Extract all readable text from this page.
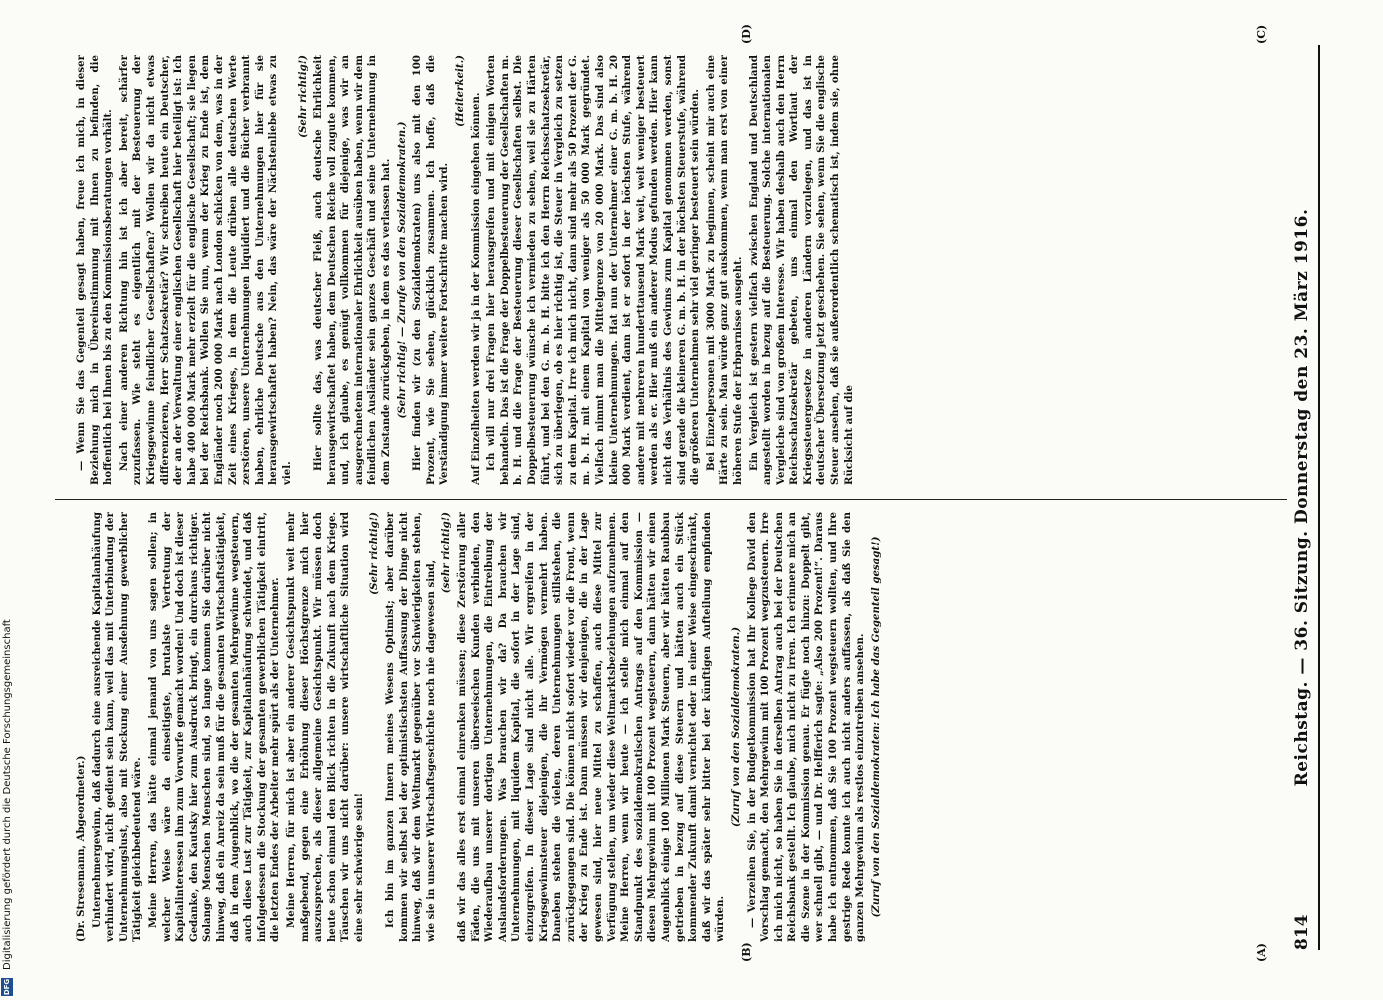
DFG
Digitalisierung gefördert durch die Deutsche Forschungsgemeinschaft	814
Reichstag. — 36. Sitzung. Donnerstag den 23. März 1916.
(A)
(B)
(C)
(D)

(Dr. Stresemann, Abgeordneter.) Unternehmergewinn, daß dadurch eine ausreichende Kapitalanhäufung verhindert wird, nicht gedient sein kann, weil das mit Unterbindung der Unternehmungslust, also mit Stockung einer Ausdehnung gewerblicher Tätigkeit gleichbedeutend wäre. Meine Herren, das hätte einmal jemand von uns sagen sollen; in welcher Weise wäre da einseitigste, brutalste Vertretung der Kapitalinteressen ihm zum Vorwurfe gemacht worden! Und doch ist dieser Gedanke, den Kautsky hier zum Ausdruck bringt, ein durchaus richtiger. Solange Menschen Menschen sind, so lange kommen Sie darüber nicht hinweg, daß ein Anreiz da sein muß für die gesamten Wirtschaftstätigkeit, daß in dem Augenblick, wo die der gesamten Mehrgewinne wegsteuern, auch diese Lust zur Tätigkeit, zur Kapitalanhäufung schwindet, und daß infolgedessen die Stockung der gesamten gewerblichen Tätigkeit eintritt, die letzten Endes der Arbeiter mehr spürt als der Unternehmer. Meine Herren, für mich ist aber ein anderer Gesichtspunkt weit mehr maßgebend, gegen eine Erhöhung dieser Höchstgrenze mich hier auszusprechen, als dieser allgemeine Gesichtspunkt. Wir müssen doch heute schon einmal den Blick richten in die Zukunft nach dem Kriege. Täuschen wir uns nicht darüber: unsere wirtschaftliche Situation wird eine sehr schwierige sein!

(Sehr richtig!) Ich bin im ganzen Innern meines Wesens Optimist; aber darüber kommen wir selbst bei der optimistischsten Auffassung der Dinge nicht hinweg, daß wir dem Weltmarkt gegenüber vor Schwierigkeiten stehen, wie sie in unserer Wirtschaftsgeschichte noch nie dagewesen sind,

(sehr richtig!) daß wir das alles erst einmal einrenken müssen; diese Zerstörung aller Fäden, die uns mit unseren überseeischen Kunden verbinden, den Wiederaufbau unserer dortigen Unternehmungen, die Eintreibung der Auslandsforderungen. Was brauchen wir da? Da brauchen wir Unternehmungen, mit liquidem Kapital, die sofort in der Lage sind, einzugreifen. In dieser Lage sind nicht alle. Wir ergreifen in der Kriegsgewinnsteuer diejenigen, die ihr Vermögen vermehrt haben. Daneben stehen die vielen, deren Unternehmungen stillstehen, die zurückgegangen sind. Die können nicht sofort wieder vor die Front, wenn der Krieg zu Ende ist. Dann müssen wir denjenigen, die in der Lage gewesen sind, hier neue Mittel zu schaffen, auch diese Mittel zur Verfügung stellen, um wieder diese Weltmarktsbeziehungen aufzunehmen. Meine Herren, wenn wir heute — ich stelle mich einmal auf den Standpunkt des sozialdemokratischen Antrags auf den Kommission — diesen Mehrgewinn mit 100 Prozent wegsteuern, dann hätten wir einen Augenblick einige 100 Millionen Mark Steuern, aber wir hätten Raubbau getrieben in bezug auf diese Steuern und hätten auch ein Stück kommender Zukunft damit vernichtet oder in einer Weise eingeschränkt, daß wir das später sehr bitter bei der künftigen Aufteilung empfinden würden.

(Zuruf von den Sozialdemokraten.) — Verzeihen Sie, in der Budgetkommission hat Ihr Kollege David den Vorschlag gemacht, den Mehrgewinn mit 100 Prozent wegzusteuern. Irre ich mich nicht, so haben Sie in derselben Antrag auch bei der Deutschen Reichsbank gestellt. Ich glaube, mich nicht zu irren. Ich erinnere mich an die Szene in der Kommission genau. Er fügte noch hinzu: Doppelt gibt, wer schnell gibt, — und Dr. Helfferich sagte: „Also 200 Prozent!“. Daraus habe ich entnommen, daß Sie 100 Prozent wegsteuern wollten, und Ihre gestrige Rede konnte ich auch nicht anders auffassen, als daß Sie den ganzen Mehrgewinn als restlos einzutreiben ansehen. (Zuruf von den Sozialdemokraten: Ich habe das Gegenteil gesagt!)

— Wenn Sie das Gegenteil gesagt haben, freue ich mich, in dieser Beziehung mich in Übereinstimmung mit Ihnen zu befinden, die hoffentlich bei Ihnen bis zu den Kommissionsberatungen vorhält. Nach einer anderen Richtung hin ist ich aber bereit, schärfer zuzufassen. Wie steht es eigentlich mit der Besteuerung der Kriegsgewinne feindlicher Gesellschaften? Wollen wir da nicht etwas differenzieren, Herr Schatzsekretär? Wir schreiben heute ein Deutscher, der an der Verwaltung einer englischen Gesellschaft hier beteiligt ist: Ich habe 400 000 Mark mehr erzielt für die englische Gesellschaft; sie liegen bei der Reichsbank. Wollen Sie nun, wenn der Krieg zu Ende ist, dem Engländer noch 200 000 Mark nach London schicken von dem, was in der Zeit eines Krieges, in dem die Leute drüben alle deutschen Werte zerstören, unsere Unternehmungen liquidiert und die Bücher verbrannt haben, ehrliche Deutsche aus den Unternehmungen hier für sie herausgewirtschaftet haben? Nein, das wäre der Nächstenliebe etwas zu viel.

(Sehr richtig!) Hier sollte das, was deutscher Fleiß, auch deutsche Ehrlichkeit herausgewirtschaftet haben, dem Deutschen Reiche voll zugute kommen, und, ich glaube, es genügt vollkommen für diejenige, was wir an ausgerechnetem internationaler Ehrlichkeit ausüben haben, wenn wir dem feindlichen Ausländer sein ganzes Geschäft und seine Unternehmung in dem Zustande zurückgeben, in dem es das verlassen hat. (Sehr richtig! — Zurufe von den Sozialdemokraten.) Hier finden wir (zu den Sozialdemokraten) uns also mit den 100 Prozent, wie Sie sehen, glücklich zusammen. Ich hoffe, daß die Verständigung immer weitere Fortschritte machen wird.

(Heiterkeit.)

Auf Einzelheiten werden wir ja in der Kommission eingehen können. Ich will nur drei Fragen hier herausgreifen und mit einigen Worten behandeln. Das ist die Frage der Doppelbesteuerung der Gesellschaften m. b. H. und die Frage der Besteuerung dieser Gesellschaften selbst. Die Doppelbesteuerung wünsche ich vermieden zu sehen, weil sie zu Härten führt, und bei den G. m. b. H. bitte ich den Herrn Reichsschatzsekretär, sich zu überlegen, ob es hier richtig ist, die Steuer in Vergleich zu setzen zu dem Kapital. Irre ich mich nicht, dann sind mehr als 50 Prozent der G. m. b. H. mit einem Kapital von weniger als 50 000 Mark gegründet. Vielfach nimmt man die Mittelgrenze von 20 000 Mark. Das sind also kleine Unternehmungen. Hat nun der Unternehmer einer G. m. b. H. 20 000 Mark verdient, dann ist er sofort in der höchsten Stufe, während andere mit mehreren hunderttausend Mark weit, weit weniger besteuert werden als er. Hier muß ein anderer Modus gefunden werden. Hier kann nicht das Verhältnis des Gewinns zum Kapital genommen werden, sonst sind gerade die kleineren G. m. b. H. in der höchsten Steuerstufe, während die größeren Unternehmen sehr viel geringer besteuert sein würden. Bei Einzelpersonen mit 3000 Mark zu beginnen, scheint mir auch eine Härte zu sein. Man würde ganz gut auskommen, wenn man erst von einer höheren Stufe der Erbparnisse ausgeht. Ein Vergleich ist gestern vielfach zwischen England und Deutschland angestellt worden in bezug auf die Besteuerung. Solche internationalen Vergleiche sind von großem Interesse. Wir haben deshalb auch den Herrn Reichsschatzsekretär gebeten, uns einmal den Wortlaut der Kriegssteuergesetze in anderen Ländern vorzulegen, und das ist in deutscher Übersetzung jetzt geschehen. Sie sehen, wenn Sie die englische Steuer ansehen, daß sie außerordentlich schematisch ist, indem sie, ohne Rücksicht auf die
